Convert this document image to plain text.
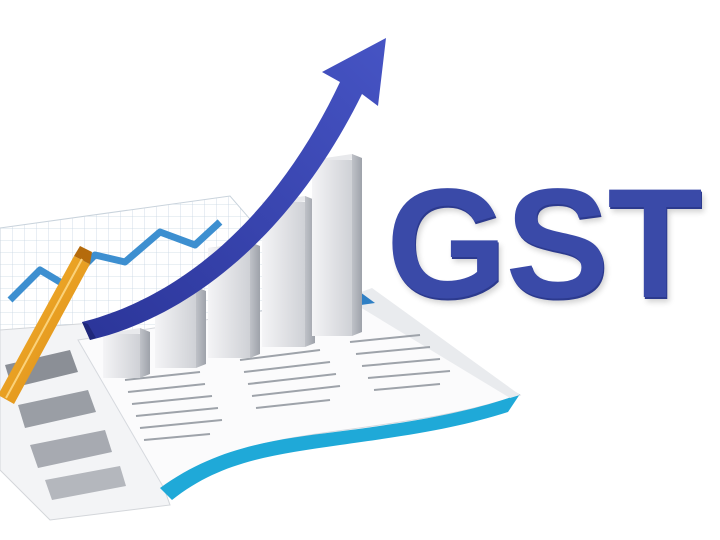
GST
